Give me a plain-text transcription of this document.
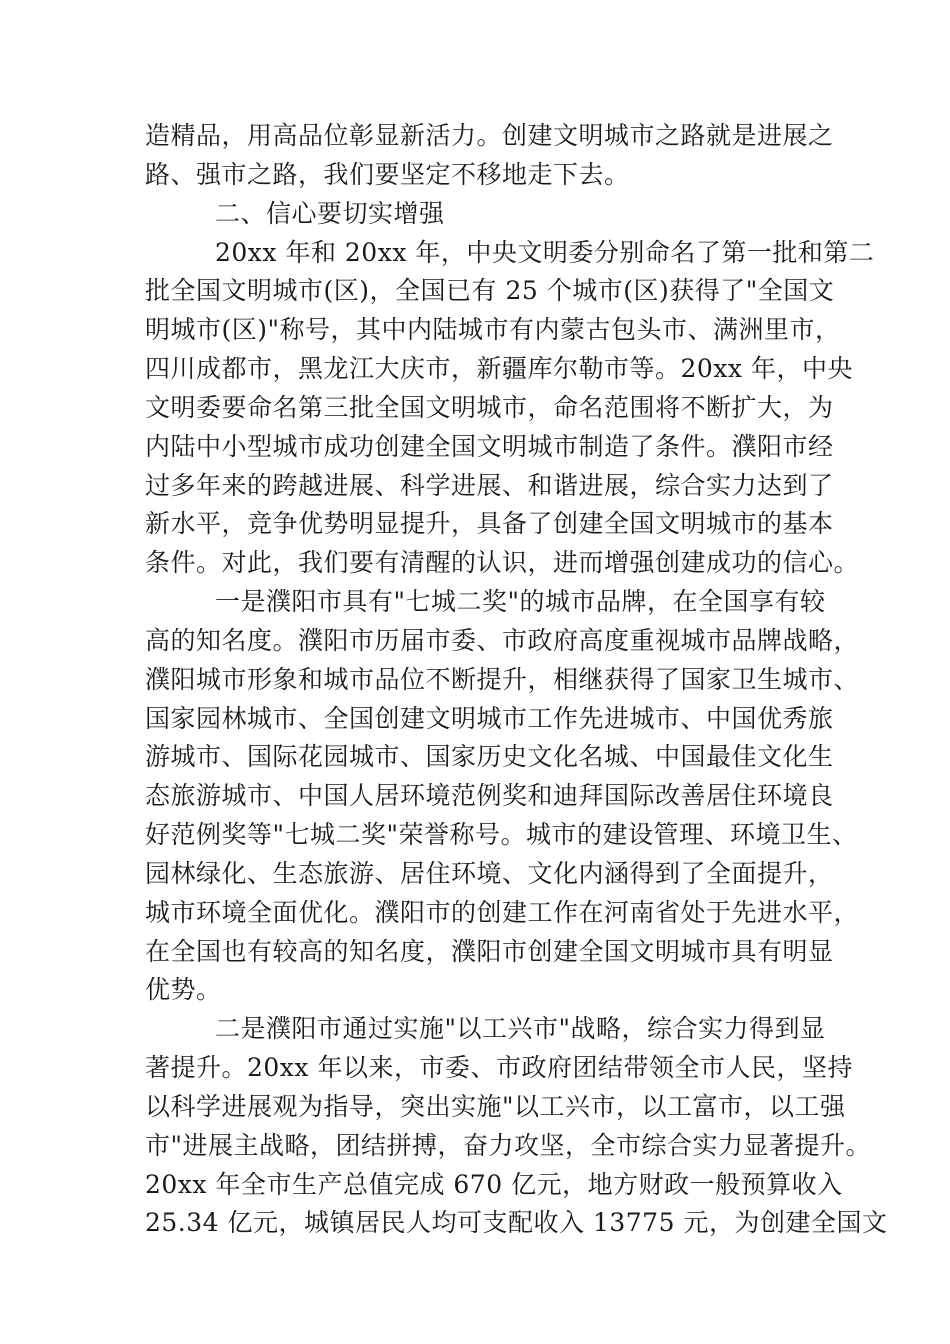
造精品，用高品位彰显新活力。创建文明城市之路就是进展之
路、强市之路，我们要坚定不移地走下去。
二、信心要切实增强
20xx 年和 20xx 年，中央文明委分别命名了第一批和第二
批全国文明城市(区)，全国已有 25 个城市(区)获得了"全国文
明城市(区)"称号，其中内陆城市有内蒙古包头市、满洲里市，
四川成都市，黑龙江大庆市，新疆库尔勒市等。20xx 年，中央
文明委要命名第三批全国文明城市，命名范围将不断扩大，为
内陆中小型城市成功创建全国文明城市制造了条件。濮阳市经
过多年来的跨越进展、科学进展、和谐进展，综合实力达到了
新水平，竞争优势明显提升，具备了创建全国文明城市的基本
条件。对此，我们要有清醒的认识，进而增强创建成功的信心。
一是濮阳市具有"七城二奖"的城市品牌，在全国享有较
高的知名度。濮阳市历届市委、市政府高度重视城市品牌战略，
濮阳城市形象和城市品位不断提升，相继获得了国家卫生城市、
国家园林城市、全国创建文明城市工作先进城市、中国优秀旅
游城市、国际花园城市、国家历史文化名城、中国最佳文化生
态旅游城市、中国人居环境范例奖和迪拜国际改善居住环境良
好范例奖等"七城二奖"荣誉称号。城市的建设管理、环境卫生、
园林绿化、生态旅游、居住环境、文化内涵得到了全面提升，
城市环境全面优化。濮阳市的创建工作在河南省处于先进水平，
在全国也有较高的知名度，濮阳市创建全国文明城市具有明显
优势。
二是濮阳市通过实施"以工兴市"战略，综合实力得到显
著提升。20xx 年以来，市委、市政府团结带领全市人民，坚持
以科学进展观为指导，突出实施"以工兴市，以工富市，以工强
市"进展主战略，团结拼搏，奋力攻坚，全市综合实力显著提升。
20xx 年全市生产总值完成 670 亿元，地方财政一般预算收入
25.34 亿元，城镇居民人均可支配收入 13775 元，为创建全国文
